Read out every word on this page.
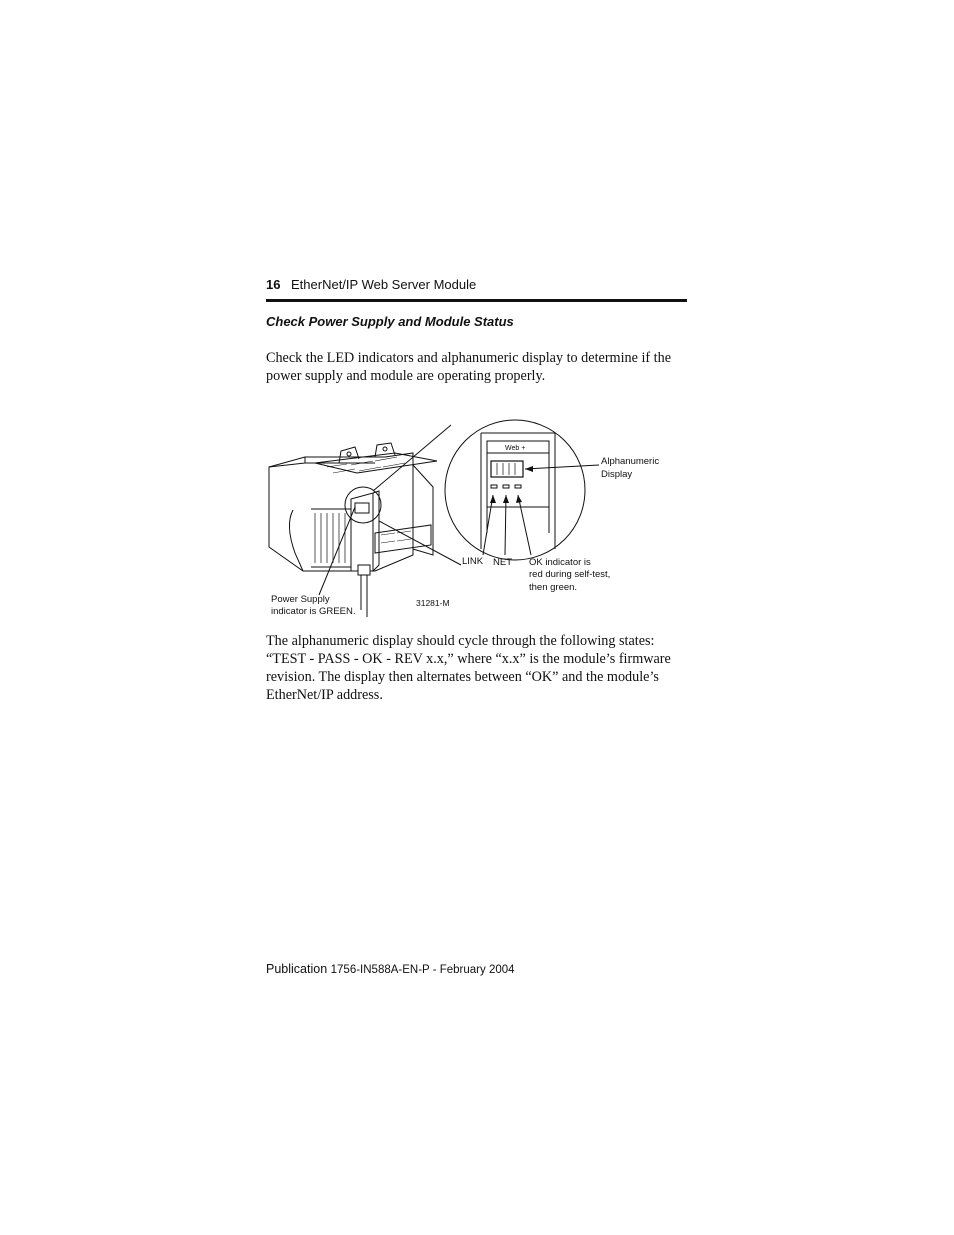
16 EtherNet/IP Web Server Module
Check Power Supply and Module Status
Check the LED indicators and alphanumeric display to determine if the power supply and module are operating properly.
Web +
Alphanumeric
Display
LINK NET OK indicator is
red during self-test,
then green.
Power Supply
indicator is GREEN.
31281-M
The alphanumeric display should cycle through the following states: “TEST - PASS - OK - REV x.x,” where “x.x” is the module’s firmware revision. The display then alternates between “OK” and the module’s EtherNet/IP address.
Publication 1756-IN588A-EN-P - February 2004
